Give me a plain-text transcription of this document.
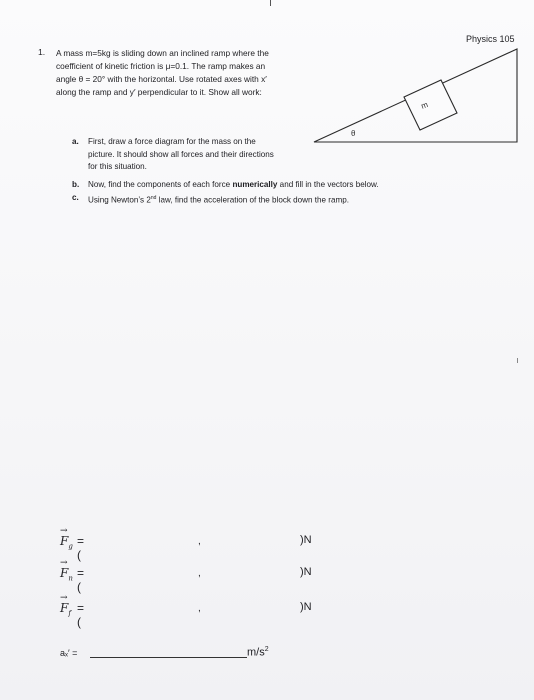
Physics 105
1. A mass m=5kg is sliding down an inclined ramp where the
coefficient of kinetic friction is μ=0.1. The ramp makes an
angle θ = 20° with the horizontal. Use rotated axes with x′
along the ramp and y′ perpendicular to it. Show all work:
m
θ
a. First, draw a force diagram for the mass on the
picture. It should show all forces and their directions
for this situation.
b. Now, find the components of each force numerically and fill in the vectors below.
c. Using Newton’s 2nd law, find the acceleration of the block down the ramp.
→
$F_g$ = (
,	)N
→
$F_n$ = (
,	)N
→
$F_f$ = (
,	)N
aₓ′ =	$m/s^2$
